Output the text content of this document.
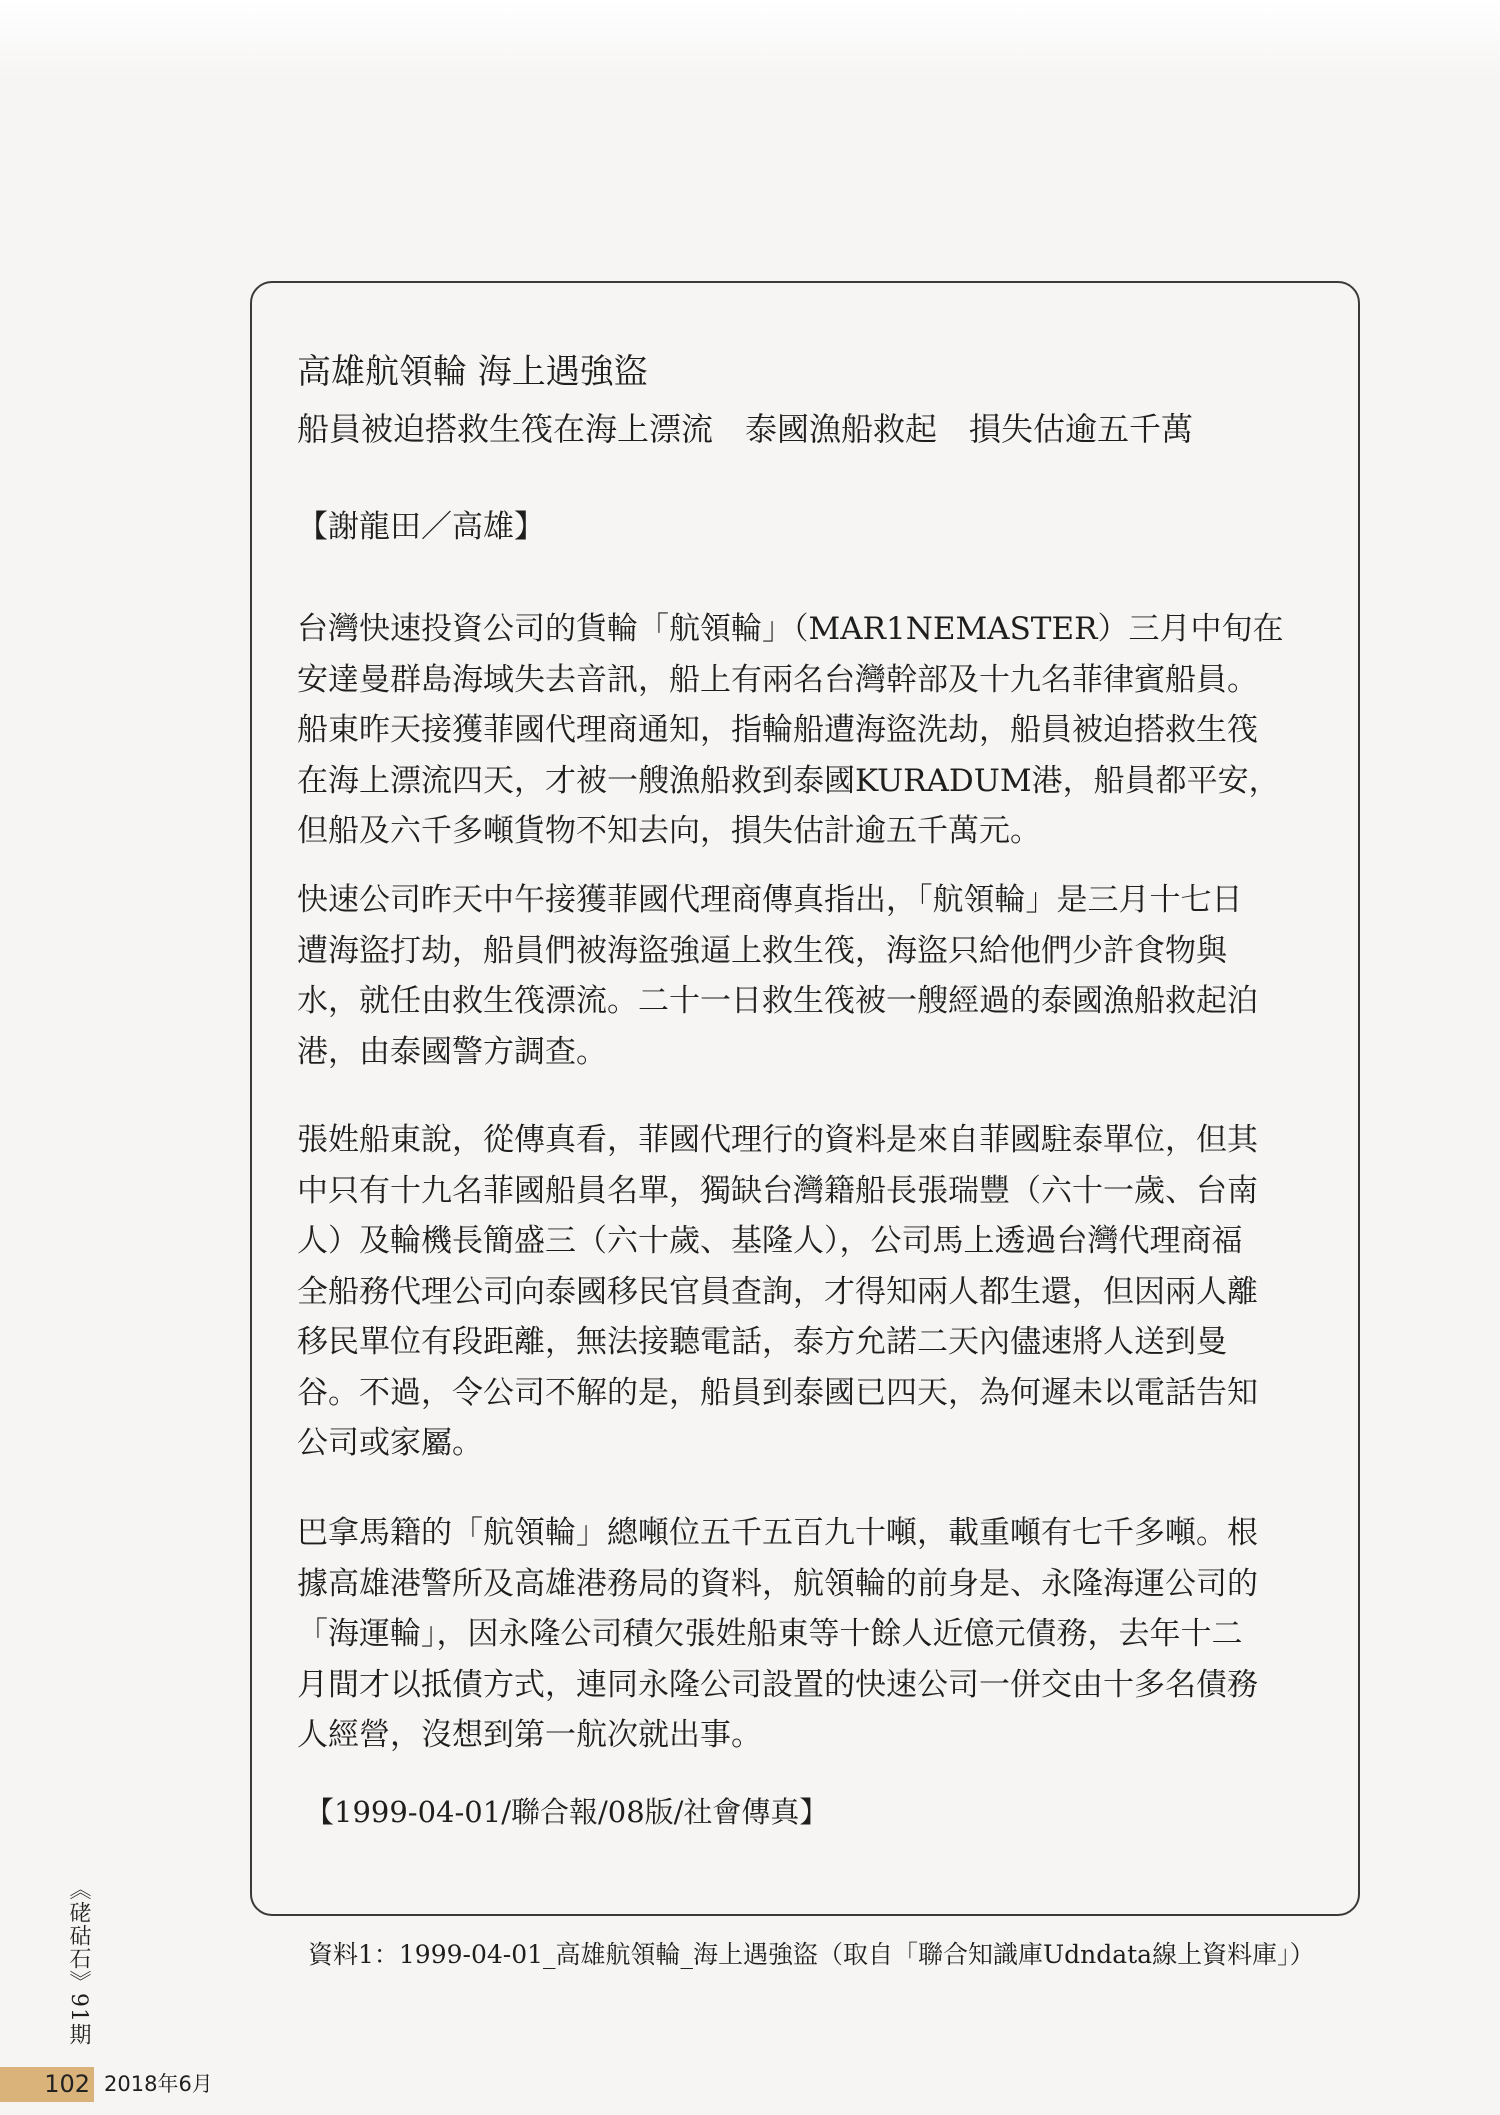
高雄航領輪 海上遇強盜
船員被迫搭救生筏在海上漂流　泰國漁船救起　損失估逾五千萬
【謝龍田／高雄】
台灣快速投資公司的貨輪「航領輪」（MAR1NEMASTER）三月中旬在
安達曼群島海域失去音訊，船上有兩名台灣幹部及十九名菲律賓船員。
船東昨天接獲菲國代理商通知，指輪船遭海盜洗劫，船員被迫搭救生筏
在海上漂流四天，才被一艘漁船救到泰國KURADUM港，船員都平安，
但船及六千多噸貨物不知去向，損失估計逾五千萬元。
快速公司昨天中午接獲菲國代理商傳真指出，「航領輪」是三月十七日
遭海盜打劫，船員們被海盜強逼上救生筏，海盜只給他們少許食物與
水，就任由救生筏漂流。二十一日救生筏被一艘經過的泰國漁船救起泊
港，由泰國警方調查。
張姓船東說，從傳真看，菲國代理行的資料是來自菲國駐泰單位，但其
中只有十九名菲國船員名單，獨缺台灣籍船長張瑞豐（六十一歲、台南
人）及輪機長簡盛三（六十歲、基隆人），公司馬上透過台灣代理商福
全船務代理公司向泰國移民官員查詢，才得知兩人都生還，但因兩人離
移民單位有段距離，無法接聽電話，泰方允諾二天內儘速將人送到曼
谷。不過，令公司不解的是，船員到泰國已四天，為何遲未以電話告知
公司或家屬。
巴拿馬籍的「航領輪」總噸位五千五百九十噸，載重噸有七千多噸。根
據高雄港警所及高雄港務局的資料，航領輪的前身是、永隆海運公司的
「海運輪」，因永隆公司積欠張姓船東等十餘人近億元債務，去年十二
月間才以抵債方式，連同永隆公司設置的快速公司一併交由十多名債務
人經營，沒想到第一航次就出事。
【1999-04-01/聯合報/08版/社會傳真】
資料1：1999-04-01_高雄航領輪_海上遇強盜（取自「聯合知識庫Udndata線上資料庫」）
《硓𥑮石》91期
102 2018年6月
